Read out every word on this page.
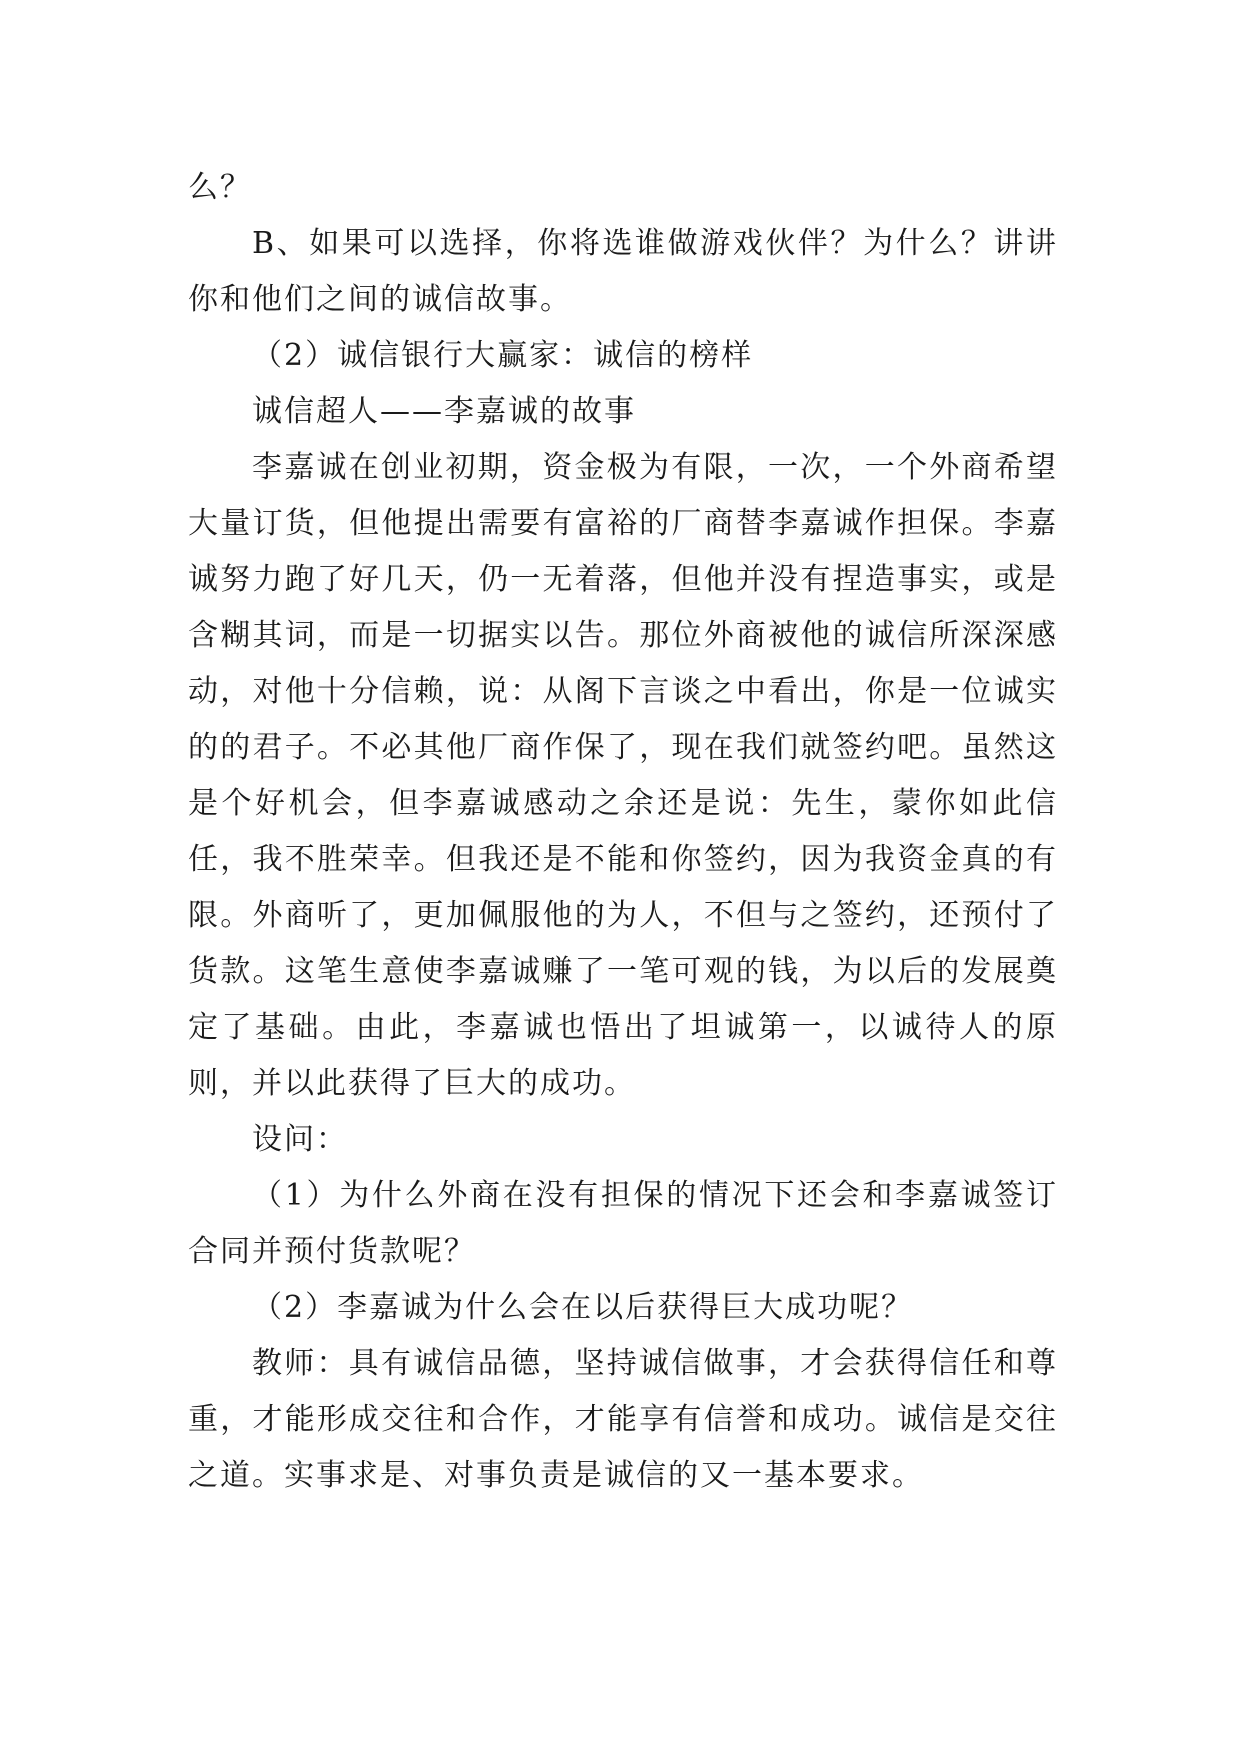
么？

B、如果可以选择，你将选谁做游戏伙伴？为什么？讲讲你和他们之间的诚信故事。

（2）诚信银行大赢家：诚信的榜样

诚信超人——李嘉诚的故事

李嘉诚在创业初期，资金极为有限，一次，一个外商希望大量订货，但他提出需要有富裕的厂商替李嘉诚作担保。李嘉诚努力跑了好几天，仍一无着落，但他并没有捏造事实，或是含糊其词，而是一切据实以告。那位外商被他的诚信所深深感动，对他十分信赖，说：从阁下言谈之中看出，你是一位诚实的的君子。不必其他厂商作保了，现在我们就签约吧。虽然这是个好机会，但李嘉诚感动之余还是说：先生，蒙你如此信任，我不胜荣幸。但我还是不能和你签约，因为我资金真的有限。外商听了，更加佩服他的为人，不但与之签约，还预付了货款。这笔生意使李嘉诚赚了一笔可观的钱，为以后的发展奠定了基础。由此，李嘉诚也悟出了坦诚第一，以诚待人的原则，并以此获得了巨大的成功。

设问：

（1）为什么外商在没有担保的情况下还会和李嘉诚签订合同并预付货款呢？

（2）李嘉诚为什么会在以后获得巨大成功呢？

教师：具有诚信品德，坚持诚信做事，才会获得信任和尊重，才能形成交往和合作，才能享有信誉和成功。诚信是交往之道。实事求是、对事负责是诚信的又一基本要求。
